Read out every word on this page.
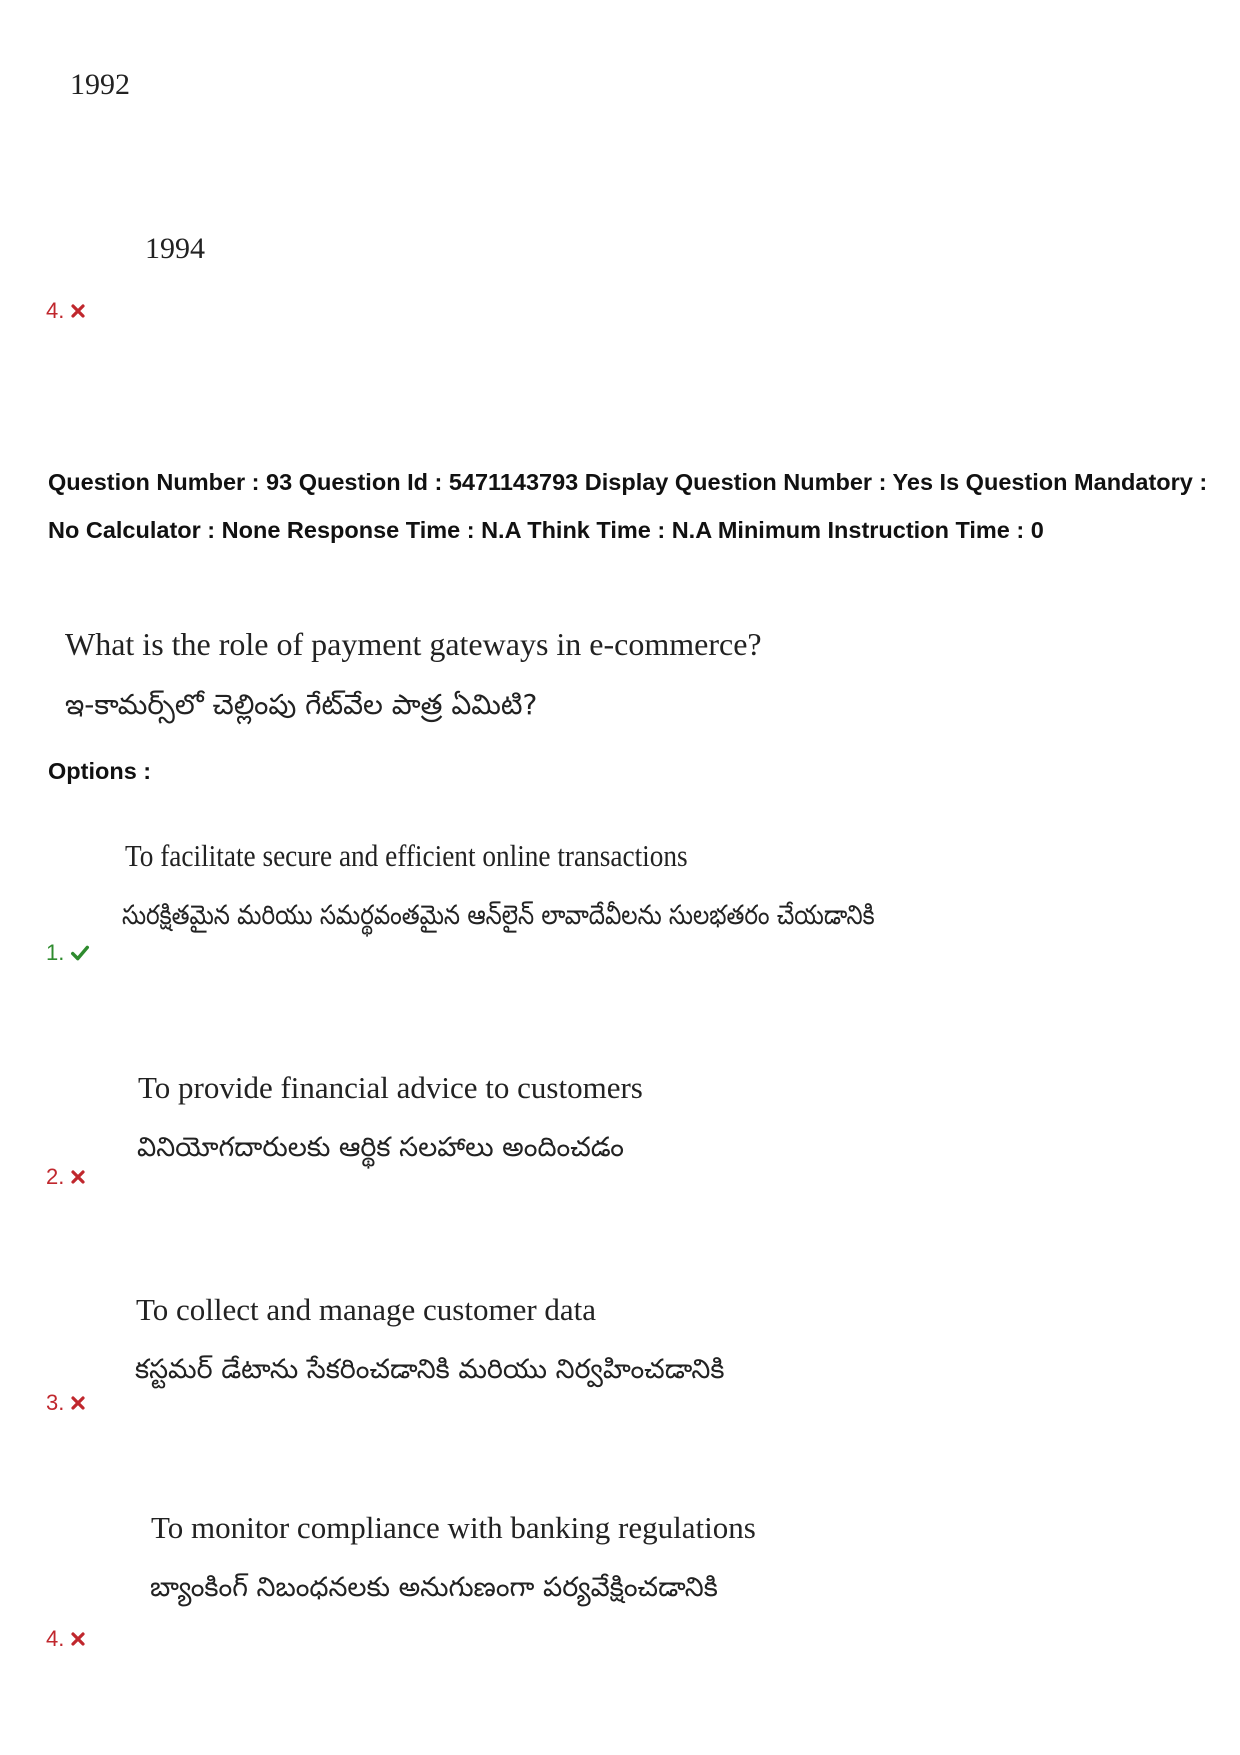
1992
1994
4.
Question Number : 93 Question Id : 5471143793 Display Question Number : Yes Is Question Mandatory : No Calculator : None Response Time : N.A Think Time : N.A Minimum Instruction Time : 0
What is the role of payment gateways in e-commerce?
ఇ-కామర్స్‌లో చెల్లింపు గేట్‌వేల పాత్ర ఏమిటి?
Options :
To facilitate secure and efficient online transactions
సురక్షితమైన మరియు సమర్థవంతమైన ఆన్‌లైన్ లావాదేవీలను సులభతరం చేయడానికి
1.
To provide financial advice to customers
వినియోగదారులకు ఆర్థిక సలహాలు అందించడం
2.
To collect and manage customer data
కస్టమర్ డేటాను సేకరించడానికి మరియు నిర్వహించడానికి
3.
To monitor compliance with banking regulations
బ్యాంకింగ్ నిబంధనలకు అనుగుణంగా పర్యవేక్షించడానికి
4.
